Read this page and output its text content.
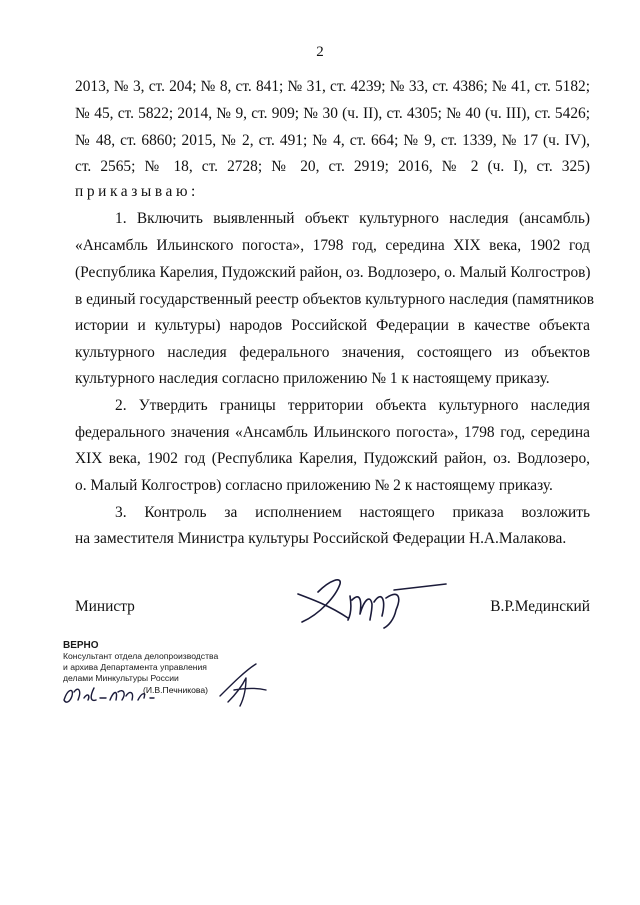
2
2013, № 3, ст. 204; № 8, ст. 841; № 31, ст. 4239; № 33, ст. 4386; № 41, ст. 5182;
№ 45, ст. 5822; 2014, № 9, ст. 909; № 30 (ч. II), ст. 4305; № 40 (ч. III), ст. 5426;
№ 48, ст. 6860; 2015, № 2, ст. 491; № 4, ст. 664; № 9, ст. 1339, № 17 (ч. IV),
ст. 2565; № 18, ст. 2728; № 20, ст. 2919; 2016, № 2 (ч. I), ст. 325)
приказываю:
1. Включить выявленный объект культурного наследия (ансамбль)
«Ансамбль Ильинского погоста», 1798 год, середина XIX века, 1902 год
(Республика Карелия, Пудожский район, оз. Водлозеро, о. Малый Колгостров)
в единый государственный реестр объектов культурного наследия (памятников
истории и культуры) народов Российской Федерации в качестве объекта
культурного наследия федерального значения, состоящего из объектов
культурного наследия согласно приложению № 1 к настоящему приказу.
2. Утвердить границы территории объекта культурного наследия
федерального значения «Ансамбль Ильинского погоста», 1798 год, середина
XIX века, 1902 год (Республика Карелия, Пудожский район, оз. Водлозеро,
о. Малый Колгостров) согласно приложению № 2 к настоящему приказу.
3. Контроль за исполнением настоящего приказа возложить
на заместителя Министра культуры Российской Федерации Н.А.Малакова.
Министр	В.Р.Мединский
ВЕРНО
Консультант отдела делопроизводства
и архива Департамента управления
делами Минкультуры России
(И.В.Печникова)
